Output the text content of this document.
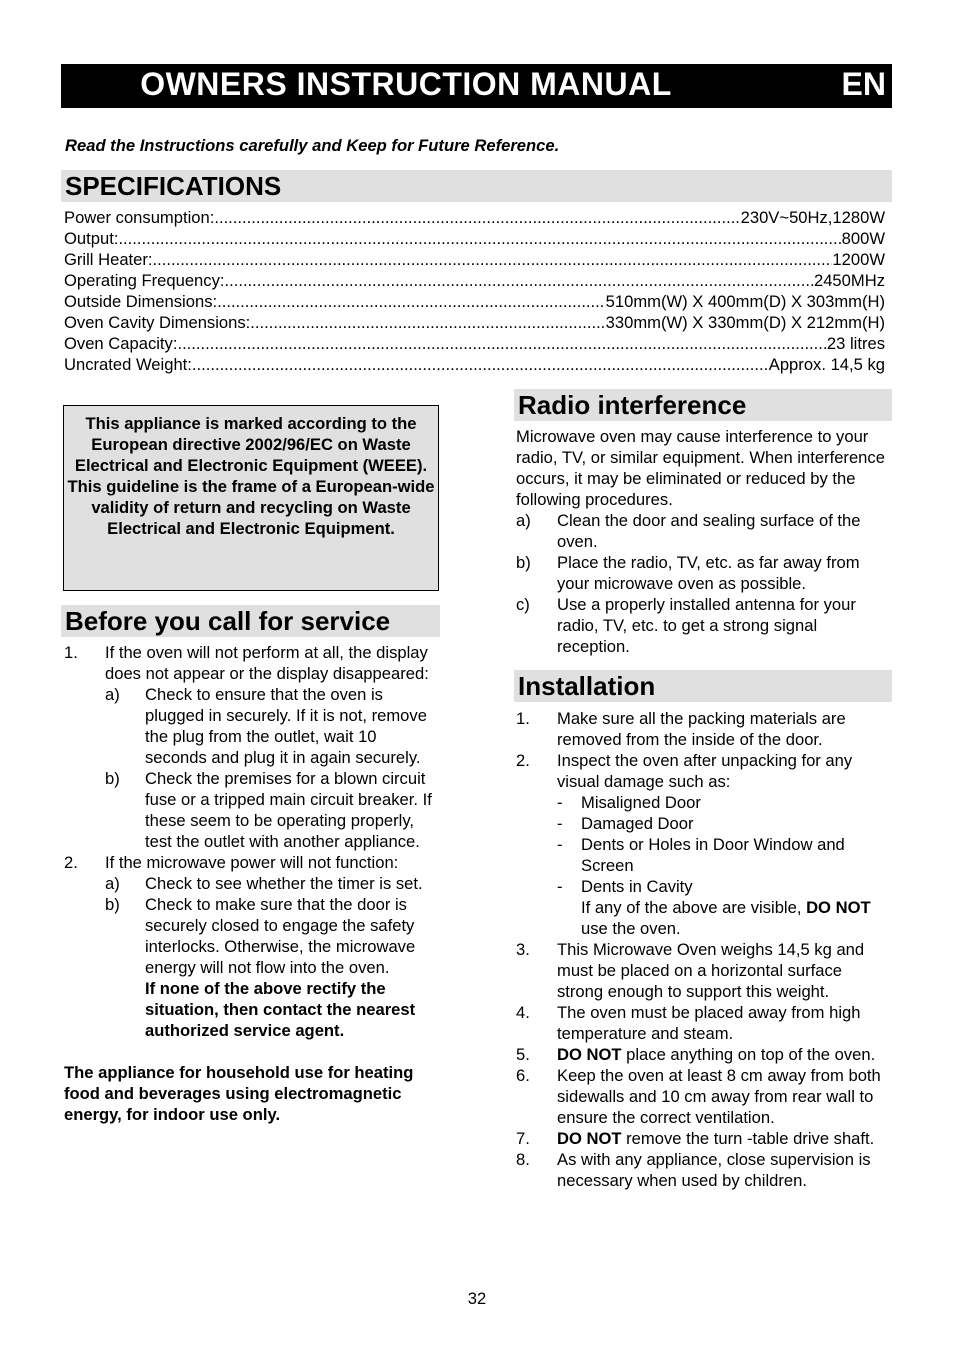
OWNERS INSTRUCTION MANUAL	EN
Read the Instructions carefully and Keep for Future Reference.
SPECIFICATIONS
Power consumption: .....	230V~50Hz,1280W
Output: .....	800W
Grill Heater: .....	1200W
Operating Frequency: .....	2450MHz
Outside Dimensions: .....	510mm(W) X 400mm(D) X 303mm(H)
Oven Cavity Dimensions: .....	330mm(W) X 330mm(D) X 212mm(H)
Oven Capacity: .....	23 litres
Uncrated Weight: .....	Approx. 14,5 kg

This appliance is marked according to the European directive 2002/96/EC on Waste Electrical and Electronic Equipment (WEEE).

This guideline is the frame of a European-wide validity of return and recycling on Waste Electrical and Electronic Equipment.

Before you call for service
1. If the oven will not perform at all, the display does not appear or the display disappeared:
a) Check to ensure that the oven is plugged in securely. If it is not, remove the plug from the outlet, wait 10 seconds and plug it in again securely.
b) Check the premises for a blown circuit fuse or a tripped main circuit breaker. If these seem to be operating properly, test the outlet with another appliance.
2. If the microwave power will not function:
a) Check to see whether the timer is set.
b) Check to make sure that the door is securely closed to engage the safety interlocks. Otherwise, the microwave energy will not flow into the oven.
If none of the above rectify the situation, then contact the nearest authorized service agent.
The appliance for household use for heating food and beverages using electromagnetic energy, for indoor use only.
Radio interference
Microwave oven may cause interference to your radio, TV, or similar equipment. When interference occurs, it may be eliminated or reduced by the following procedures.
a) Clean the door and sealing surface of the oven.
b) Place the radio, TV, etc. as far away from your microwave oven as possible.
c) Use a properly installed antenna for your radio, TV, etc. to get a strong signal reception.
Installation
1. Make sure all the packing materials are removed from the inside of the door.
2. Inspect the oven after unpacking for any visual damage such as:
- Misaligned Door
- Damaged Door
- Dents or Holes in Door Window and Screen
- Dents in Cavity
If any of the above are visible, DO NOT use the oven.
3. This Microwave Oven weighs 14,5 kg and must be placed on a horizontal surface strong enough to support this weight.
4. The oven must be placed away from high temperature and steam.
5. DO NOT place anything on top of the oven.
6. Keep the oven at least 8 cm away from both sidewalls and 10 cm away from rear wall to ensure the correct ventilation.
7. DO NOT remove the turn -table drive shaft.
8. As with any appliance, close supervision is necessary when used by children.
32
